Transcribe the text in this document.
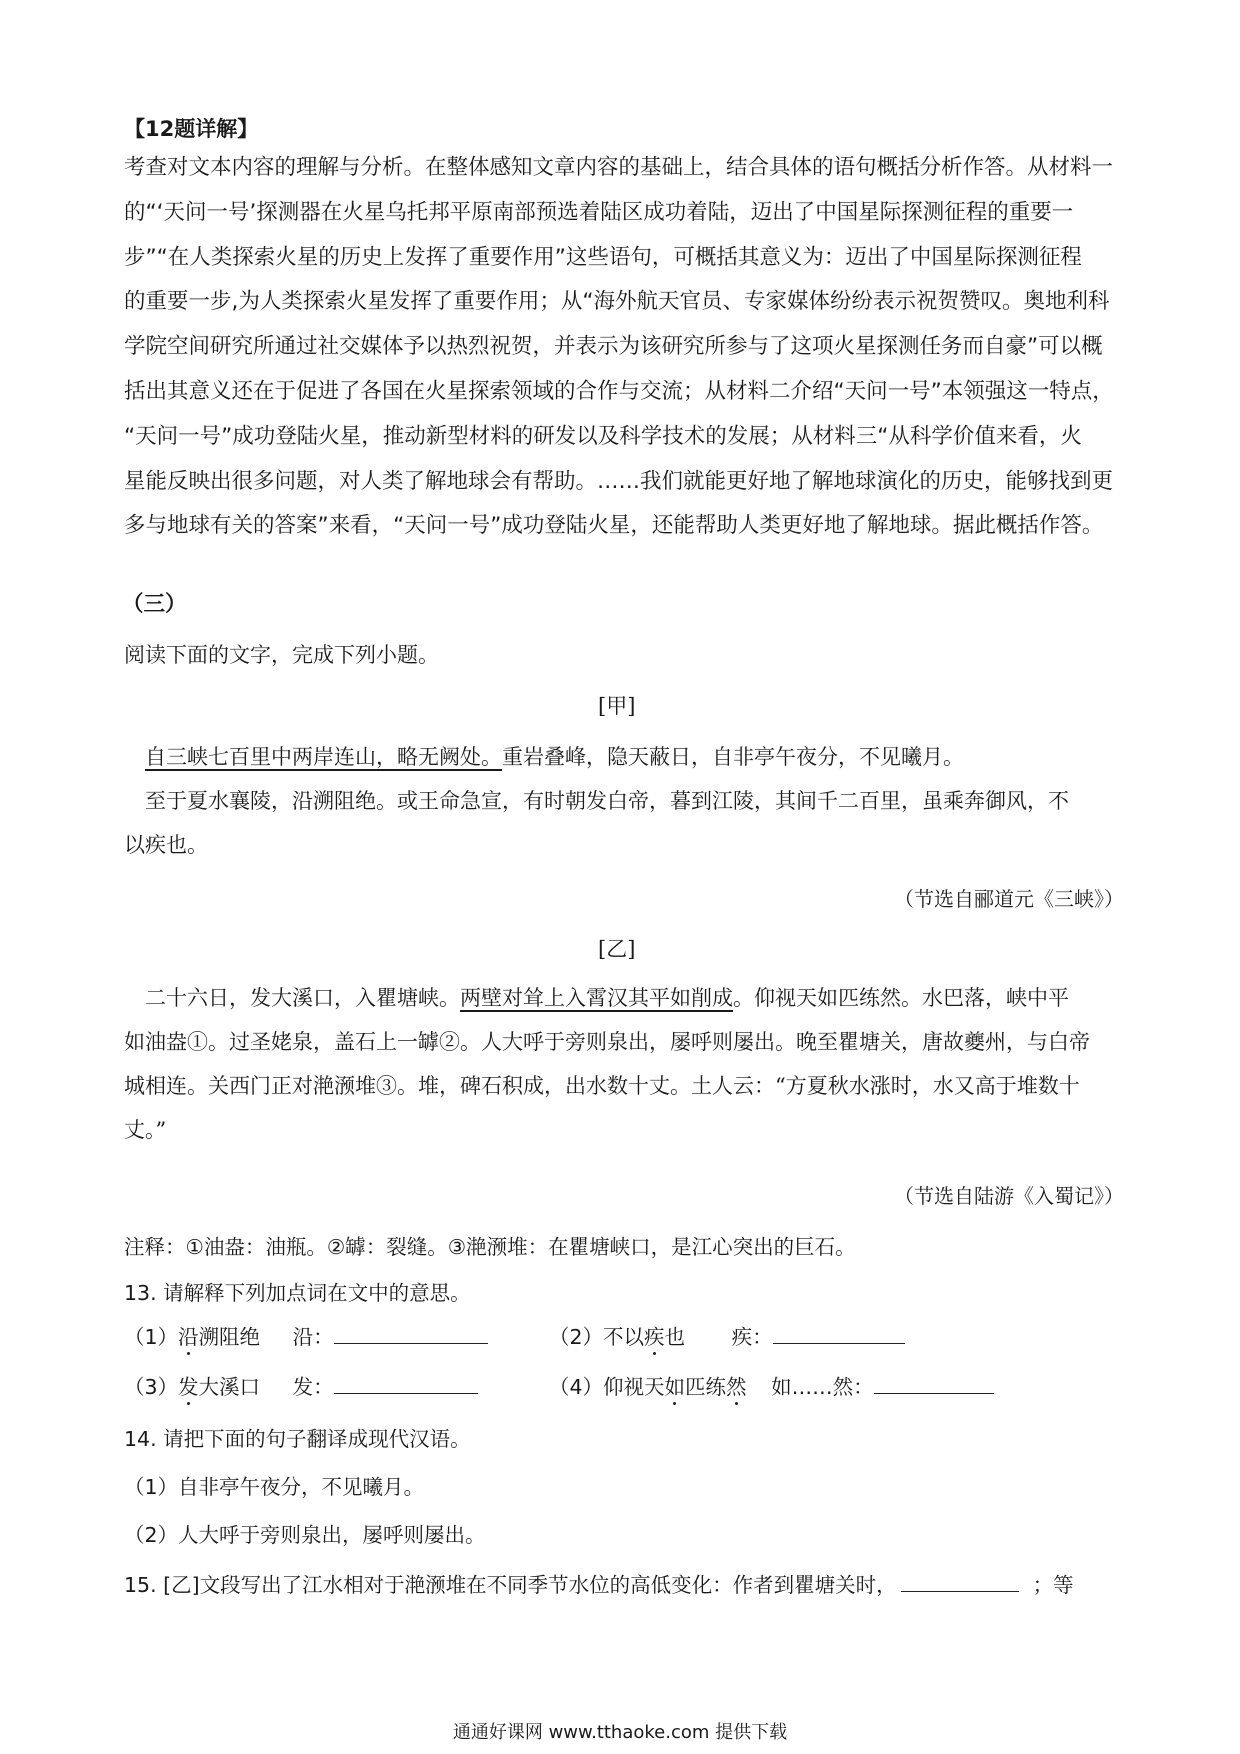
【12题详解】
考查对文本内容的理解与分析。在整体感知文章内容的基础上，结合具体的语句概括分析作答。从材料一
的“‘天问一号’探测器在火星乌托邦平原南部预选着陆区成功着陆，迈出了中国星际探测征程的重要一
步”“在人类探索火星的历史上发挥了重要作用”这些语句，可概括其意义为：迈出了中国星际探测征程
的重要一步,为人类探索火星发挥了重要作用；从“海外航天官员、专家媒体纷纷表示祝贺赞叹。奥地利科
学院空间研究所通过社交媒体予以热烈祝贺，并表示为该研究所参与了这项火星探测任务而自豪”可以概
括出其意义还在于促进了各国在火星探索领域的合作与交流；从材料二介绍“天问一号”本领强这一特点，
“天问一号”成功登陆火星，推动新型材料的研发以及科学技术的发展；从材料三“从科学价值来看，火
星能反映出很多问题，对人类了解地球会有帮助。……我们就能更好地了解地球演化的历史，能够找到更
多与地球有关的答案”来看，“天问一号”成功登陆火星，还能帮助人类更好地了解地球。据此概括作答。
（三）
阅读下面的文字，完成下列小题。
[甲]
　自三峡七百里中两岸连山，略无阙处。重岩叠峰，隐天蔽日，自非亭午夜分，不见曦月。
　至于夏水襄陵，沿溯阻绝。或王命急宣，有时朝发白帝，暮到江陵，其间千二百里，虽乘奔御风，不
以疾也。
（节选自郦道元《三峡》）
[乙]
　二十六日，发大溪口，入瞿塘峡。两壁对耸上入霄汉其平如削成。仰视天如匹练然。水巴落，峡中平
如油盎①。过圣姥泉，盖石上一罅②。人大呼于旁则泉出，屡呼则屡出。晚至瞿塘关，唐故夔州，与白帝
城相连。关西门正对滟滪堆③。堆，碑石积成，出水数十丈。土人云：“方夏秋水涨时，水又高于堆数十
丈。”
（节选自陆游《入蜀记》）
注释：①油盎：油瓶。②罅：裂缝。③滟滪堆：在瞿塘峡口，是江心突出的巨石。
13. 请解释下列加点词在文中的意思。
（1）沿溯阻绝 沿：	（2）不以疾也 疾：
（3）发大溪口 发：	（4）仰视天如匹练然 如……然：
14. 请把下面的句子翻译成现代汉语。
（1）自非亭午夜分，不见曦月。
（2）人大呼于旁则泉出，屡呼则屡出。
15. [乙]文段写出了江水相对于滟滪堆在不同季节水位的高低变化：作者到瞿塘关时，	；等
通通好课网 www.tthaoke.com 提供下载
